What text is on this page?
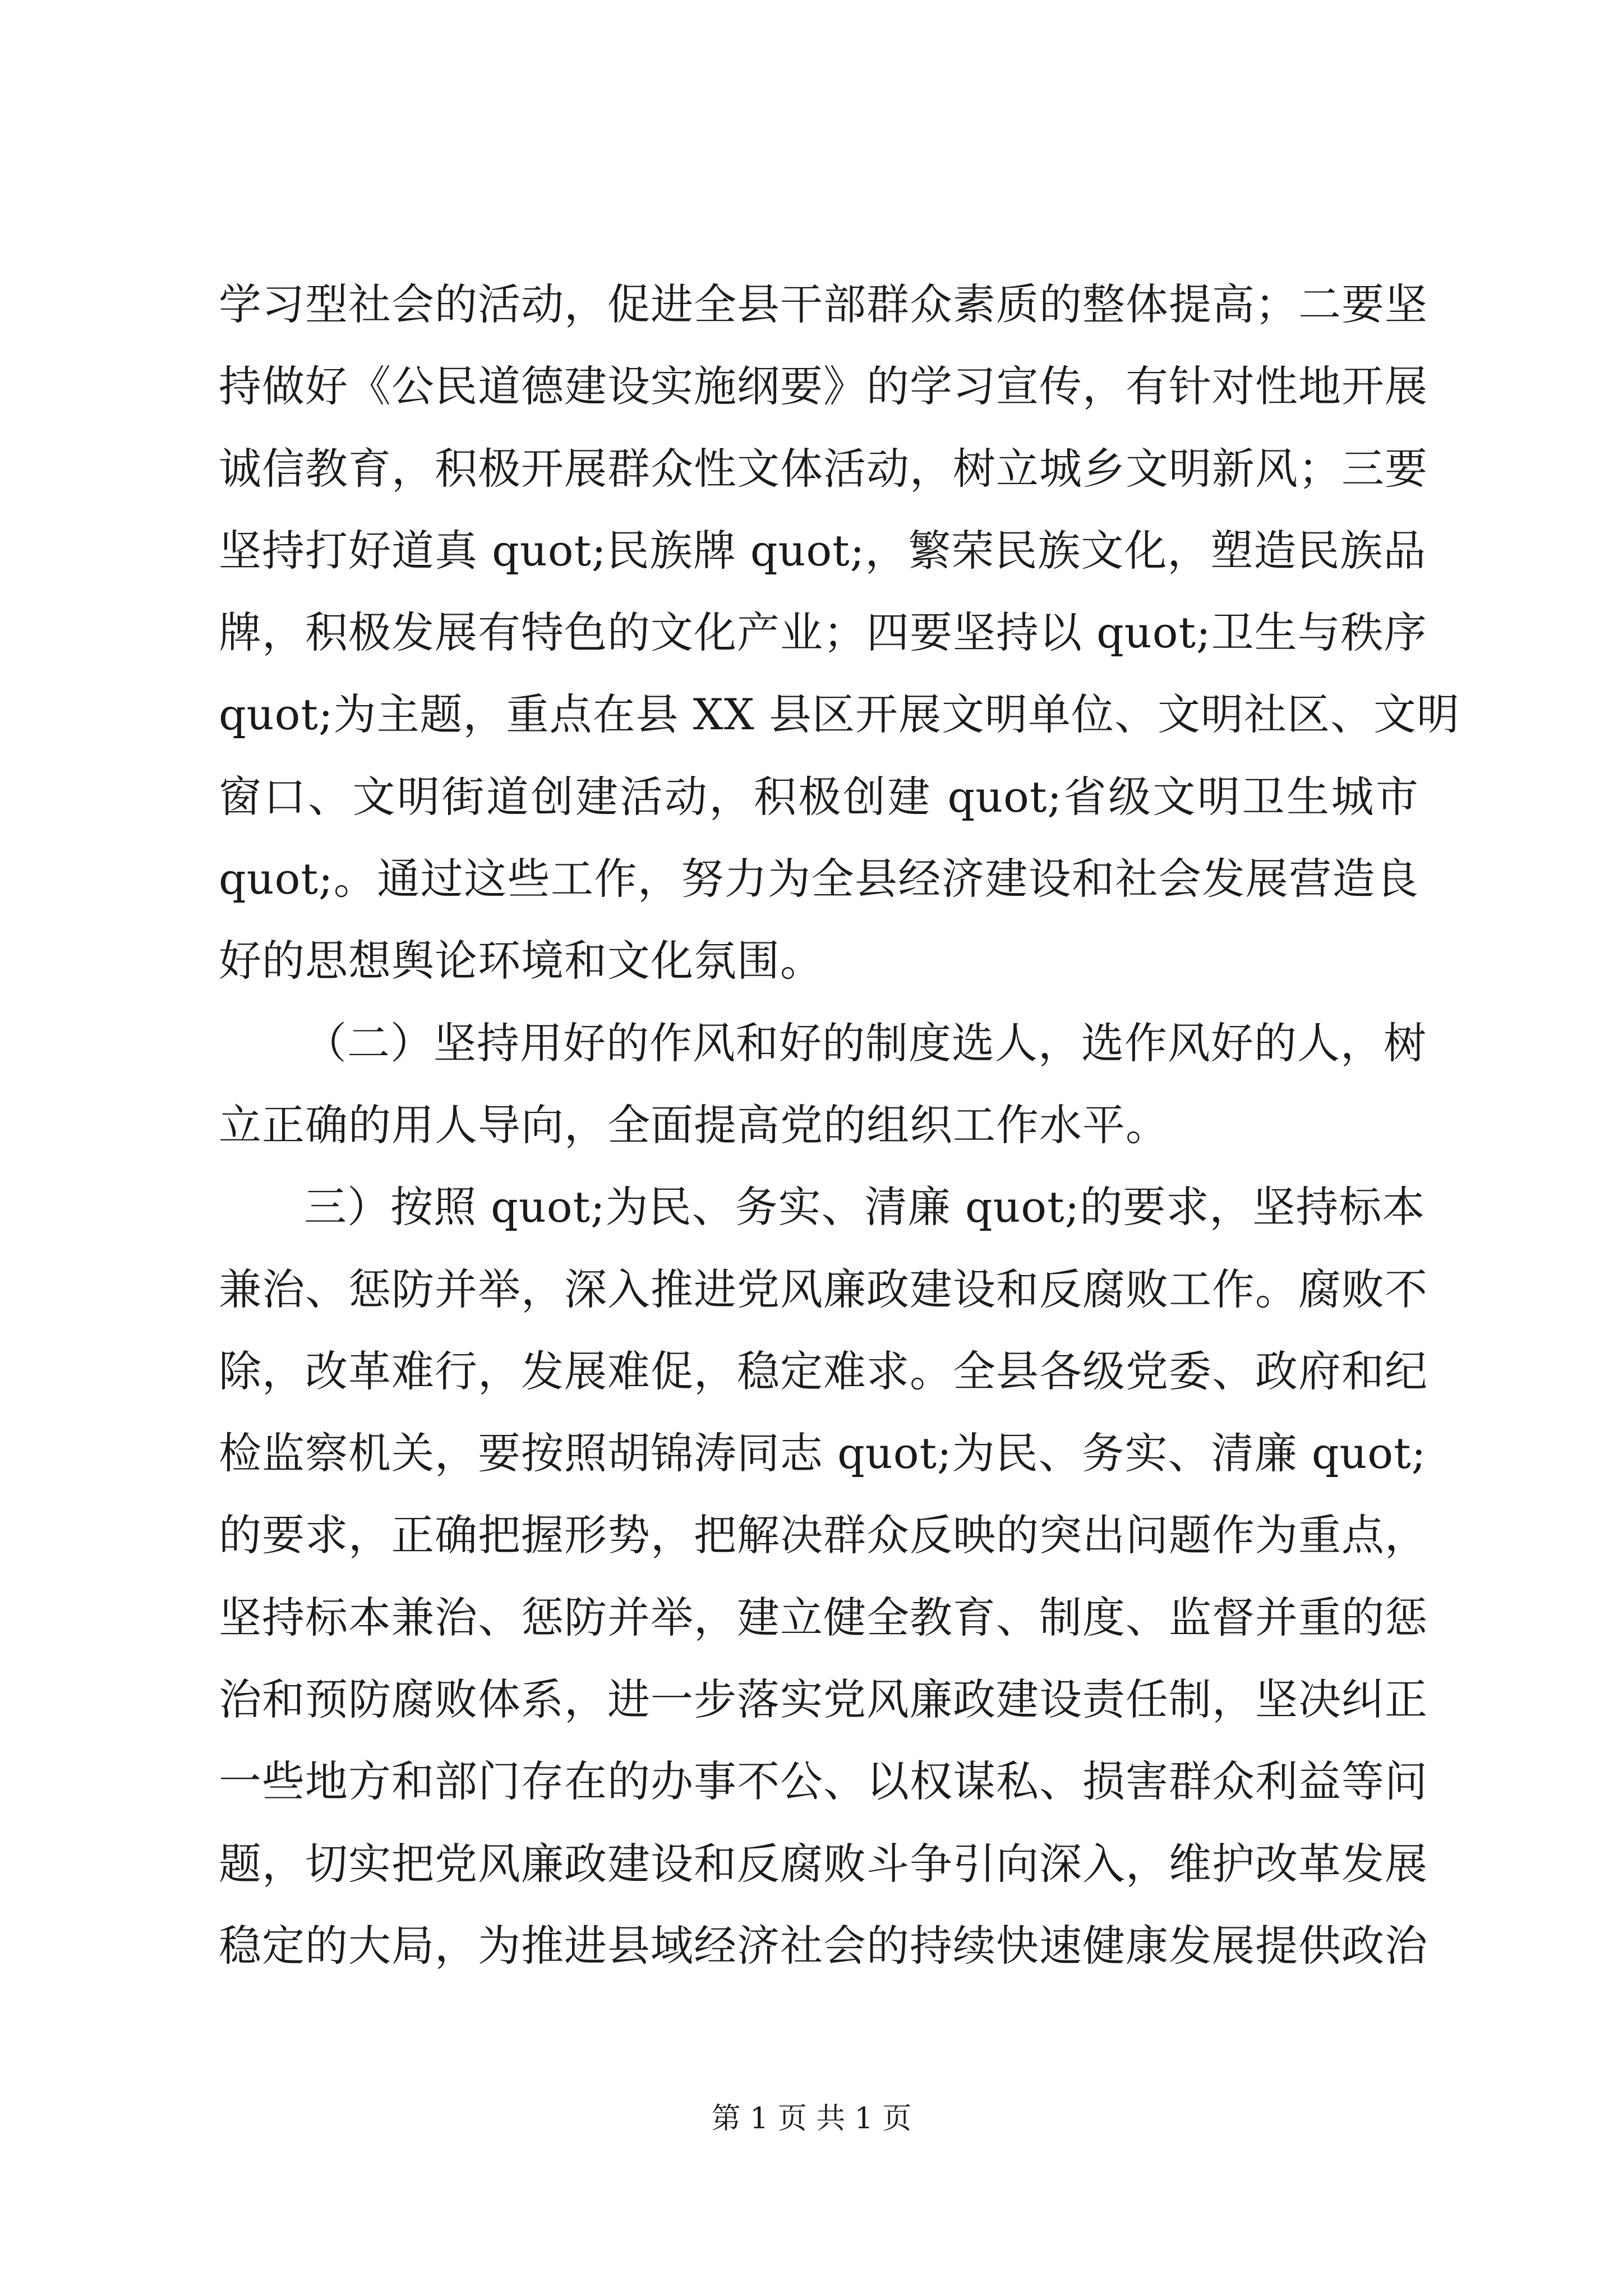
学习型社会的活动，促进全县干部群众素质的整体提高；二要坚
持做好《公民道德建设实施纲要》的学习宣传，有针对性地开展
诚信教育，积极开展群众性文体活动，树立城乡文明新风；三要
坚持打好道真 quot;民族牌 quot;，繁荣民族文化，塑造民族品
牌，积极发展有特色的文化产业；四要坚持以 quot;卫生与秩序
quot;为主题，重点在县 XX 县区开展文明单位、文明社区、文明
窗口、文明街道创建活动，积极创建 quot;省级文明卫生城市
quot;。通过这些工作，努力为全县经济建设和社会发展营造良
好的思想舆论环境和文化氛围。
（二）坚持用好的作风和好的制度选人，选作风好的人，树
立正确的用人导向，全面提高党的组织工作水平。
三）按照 quot;为民、务实、清廉 quot;的要求，坚持标本
兼治、惩防并举，深入推进党风廉政建设和反腐败工作。腐败不
除，改革难行，发展难促，稳定难求。全县各级党委、政府和纪
检监察机关，要按照胡锦涛同志 quot;为民、务实、清廉 quot;
的要求，正确把握形势，把解决群众反映的突出问题作为重点，
坚持标本兼治、惩防并举，建立健全教育、制度、监督并重的惩
治和预防腐败体系，进一步落实党风廉政建设责任制，坚决纠正
一些地方和部门存在的办事不公、以权谋私、损害群众利益等问
题，切实把党风廉政建设和反腐败斗争引向深入，维护改革发展
稳定的大局，为推进县域经济社会的持续快速健康发展提供政治
第 1 页 共 1 页
